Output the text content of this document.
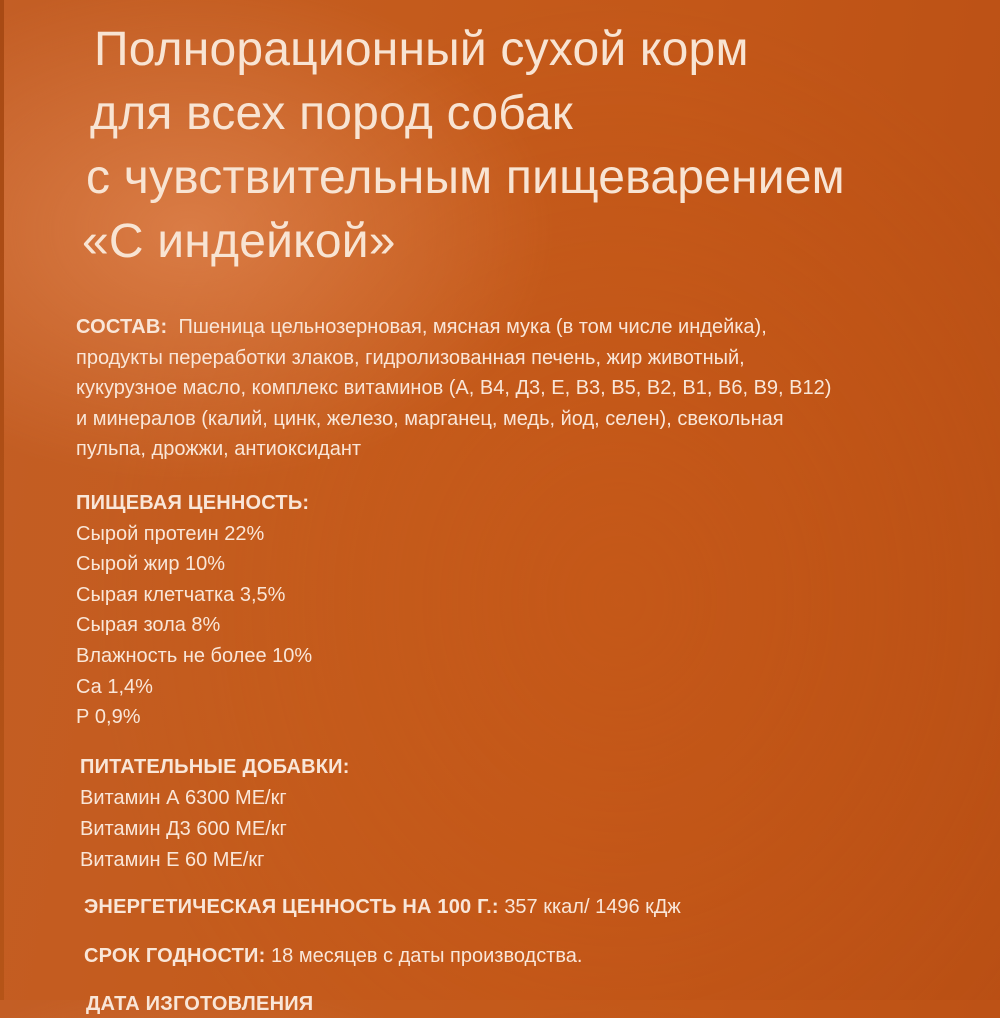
Полнорационный сухой корм
для всех пород собак
с чувствительным пищеварением
«С индейкой»
СОСТАВ: Пшеница цельнозерновая, мясная мука (в том числе индейка),
продукты переработки злаков, гидролизованная печень, жир животный,
кукурузное масло, комплекс витаминов (А, В4, Д3, Е, В3, В5, В2, В1, В6, В9, В12)
и минералов (калий, цинк, железо, марганец, медь, йод, селен), свекольная
пульпа, дрожжи, антиоксидант
ПИЩЕВАЯ ЦЕННОСТЬ:
Сырой протеин 22%
Сырой жир 10%
Сырая клетчатка 3,5%
Сырая зола 8%
Влажность не более 10%
Са 1,4%
Р 0,9%
ПИТАТЕЛЬНЫЕ ДОБАВКИ:
Витамин А 6300 МЕ/кг
Витамин Д3 600 МЕ/кг
Витамин Е 60 МЕ/кг
ЭНЕРГЕТИЧЕСКАЯ ЦЕННОСТЬ НА 100 Г.: 357 ккал/ 1496 кДж
СРОК ГОДНОСТИ: 18 месяцев с даты производства.
ДАТА ИЗГОТОВЛЕНИЯ
